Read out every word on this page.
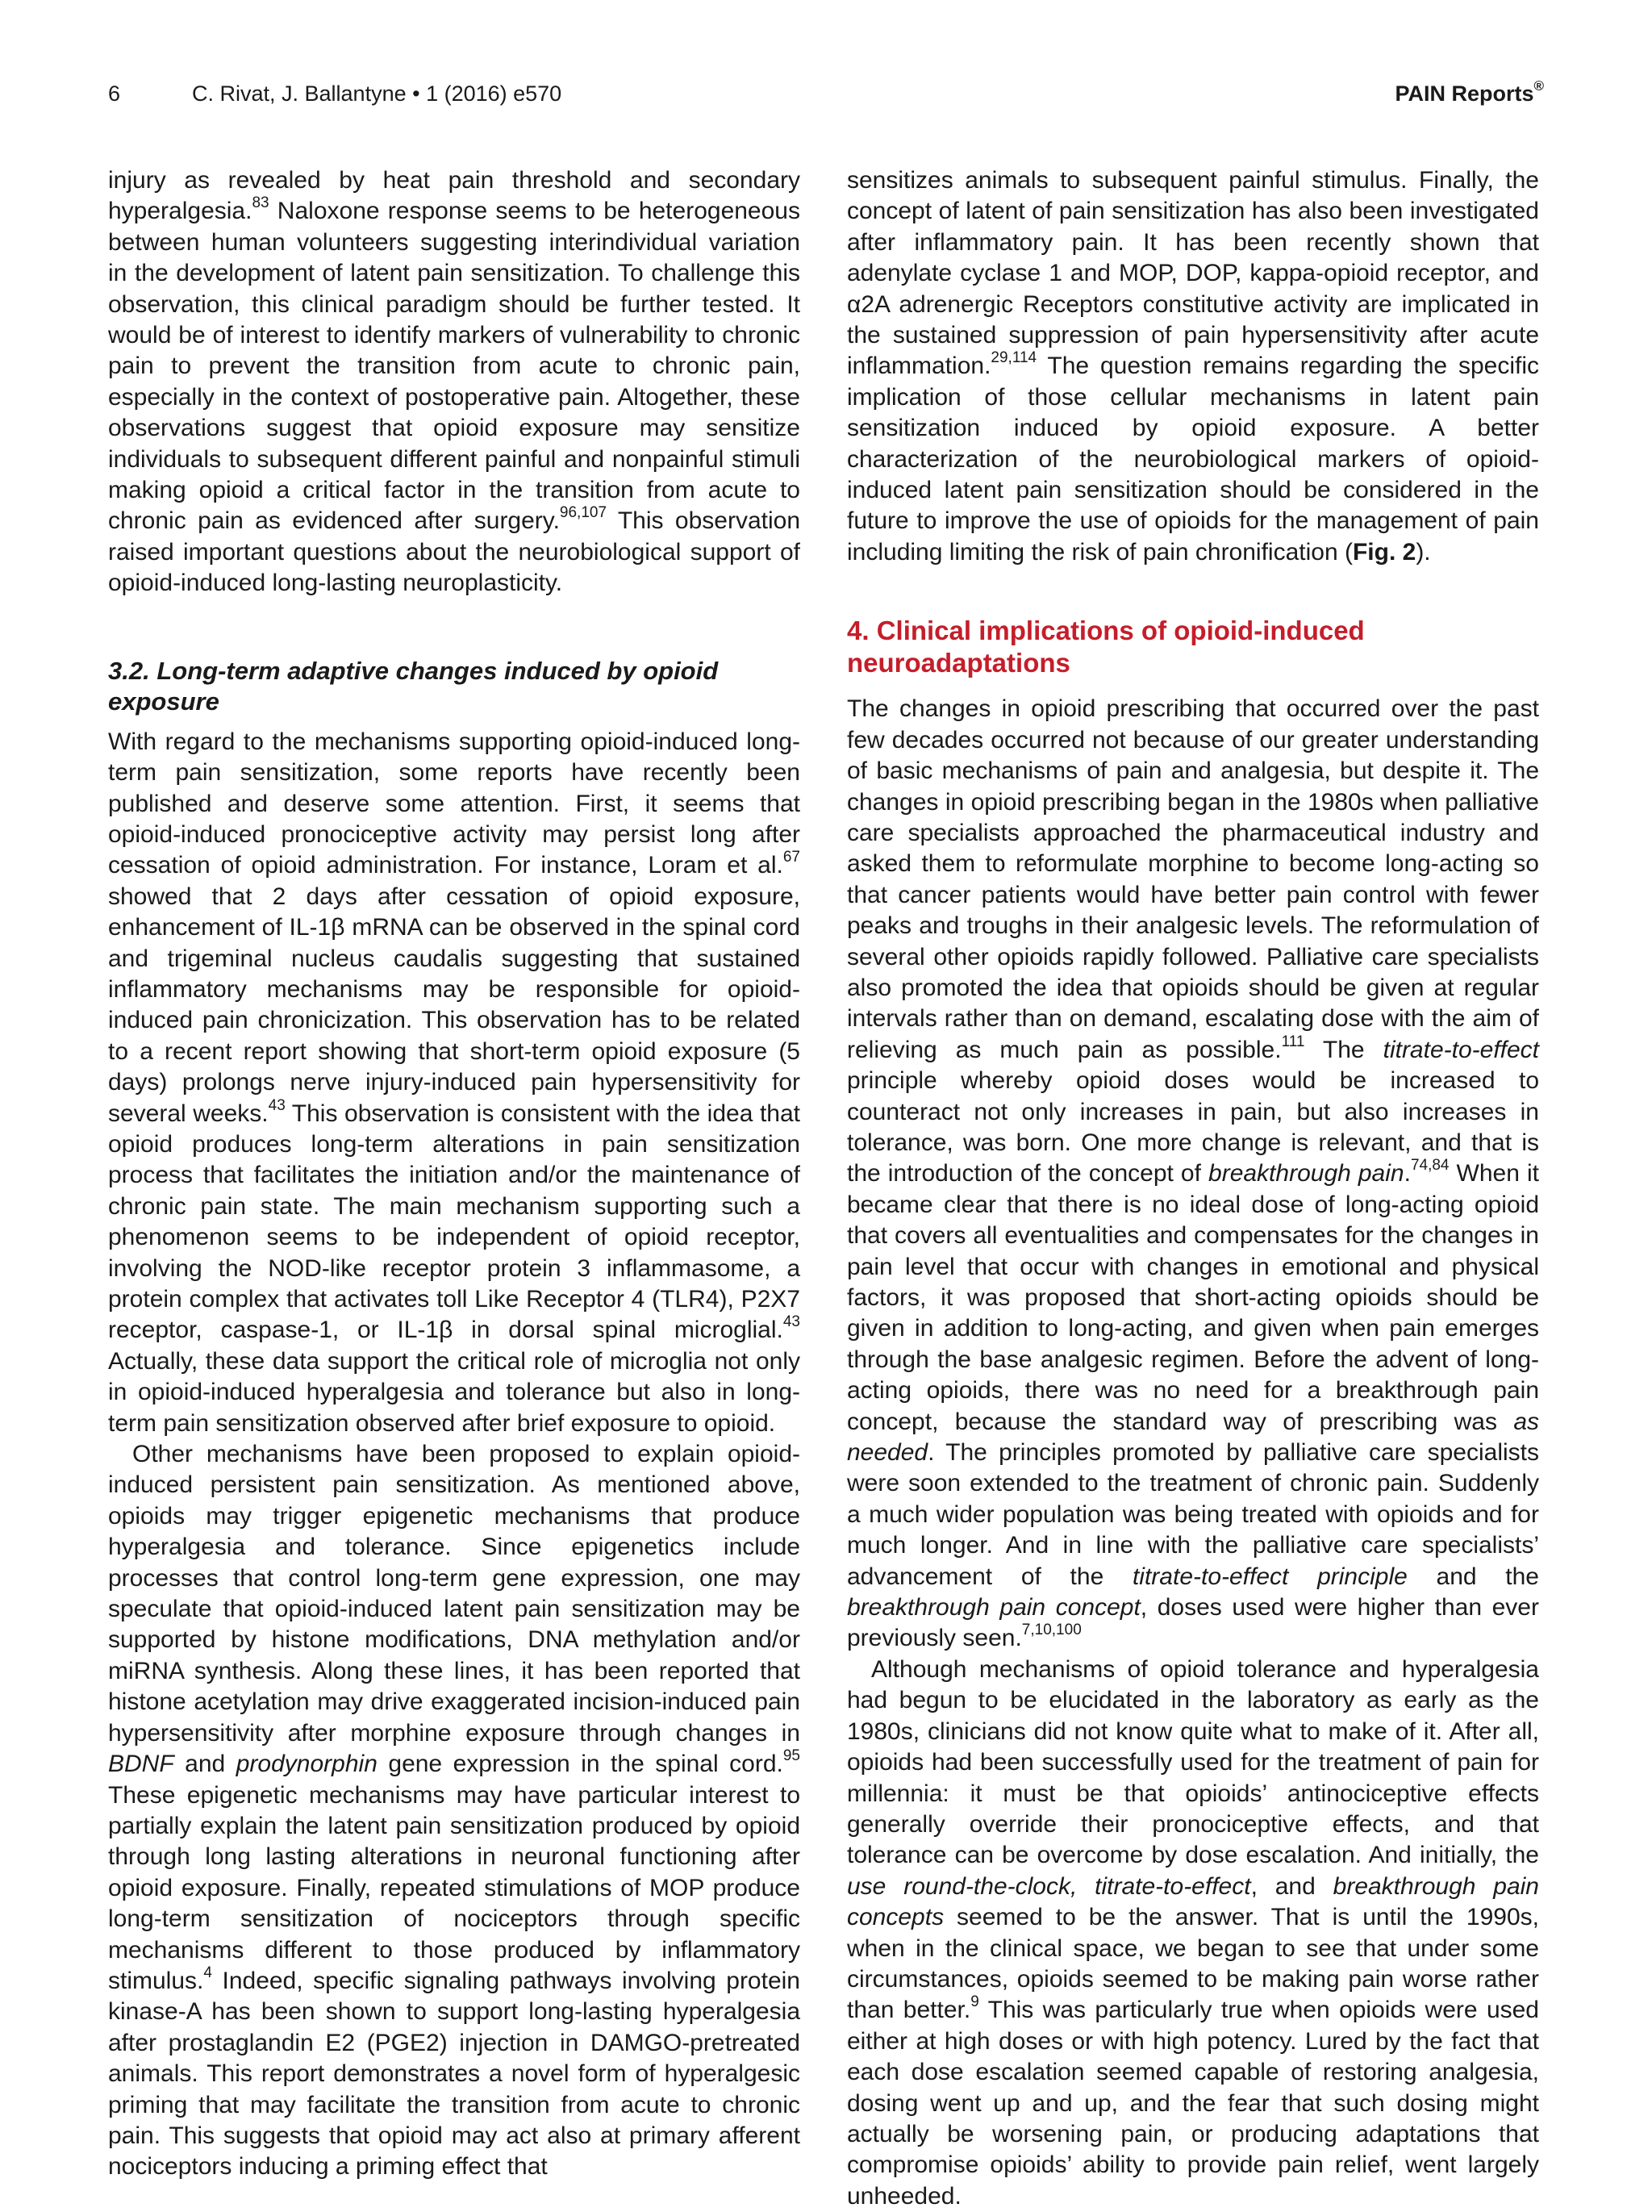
6	C. Rivat, J. Ballantyne • 1 (2016) e570	PAIN Reports®

injury as revealed by heat pain threshold and secondary hyperalgesia.$^{83}$ Naloxone response seems to be heterogeneous between human volunteers suggesting interindividual variation in the development of latent pain sensitization. To challenge this observation, this clinical paradigm should be further tested. It would be of interest to identify markers of vulnerability to chronic pain to prevent the transition from acute to chronic pain, especially in the context of postoperative pain. Altogether, these observations suggest that opioid exposure may sensitize individuals to subsequent different painful and nonpainful stimuli making opioid a critical factor in the transition from acute to chronic pain as evidenced after surgery.$^{96,107}$ This observation raised important questions about the neurobiological support of opioid-induced long-lasting neuroplasticity.

3.2. Long-term adaptive changes induced by opioid exposure

With regard to the mechanisms supporting opioid-induced long-term pain sensitization, some reports have recently been published and deserve some attention. First, it seems that opioid-induced pronociceptive activity may persist long after cessation of opioid administration. For instance, Loram et al.$^{67}$ showed that 2 days after cessation of opioid exposure, enhancement of IL-1β mRNA can be observed in the spinal cord and trigeminal nucleus caudalis suggesting that sustained inflammatory mechanisms may be responsible for opioid-induced pain chronicization. This observation has to be related to a recent report showing that short-term opioid exposure (5 days) prolongs nerve injury-induced pain hypersensitivity for several weeks.$^{43}$ This observation is consistent with the idea that opioid produces long-term alterations in pain sensitization process that facilitates the initiation and/or the maintenance of chronic pain state. The main mechanism supporting such a phenomenon seems to be independent of opioid receptor, involving the NOD-like receptor protein 3 inflammasome, a protein complex that activates toll Like Receptor 4 (TLR4), P2X7 receptor, caspase-1, or IL-1β in dorsal spinal microglial.$^{43}$ Actually, these data support the critical role of microglia not only in opioid-induced hyperalgesia and tolerance but also in long-term pain sensitization observed after brief exposure to opioid.

Other mechanisms have been proposed to explain opioid-induced persistent pain sensitization. As mentioned above, opioids may trigger epigenetic mechanisms that produce hyperalgesia and tolerance. Since epigenetics include processes that control long-term gene expression, one may speculate that opioid-induced latent pain sensitization may be supported by histone modifications, DNA methylation and/or miRNA synthesis. Along these lines, it has been reported that histone acetylation may drive exaggerated incision-induced pain hypersensitivity after morphine exposure through changes in BDNF and prodynorphin gene expression in the spinal cord.$^{95}$ These epigenetic mechanisms may have particular interest to partially explain the latent pain sensitization produced by opioid through long lasting alterations in neuronal functioning after opioid exposure. Finally, repeated stimulations of MOP produce long-term sensitization of nociceptors through specific mechanisms different to those produced by inflammatory stimulus.$^4$ Indeed, specific signaling pathways involving protein kinase-A has been shown to support long-lasting hyperalgesia after prostaglandin E2 (PGE2) injection in DAMGO-pretreated animals. This report demonstrates a novel form of hyperalgesic priming that may facilitate the transition from acute to chronic pain. This suggests that opioid may act also at primary afferent nociceptors inducing a priming effect that

sensitizes animals to subsequent painful stimulus. Finally, the concept of latent of pain sensitization has also been investigated after inflammatory pain. It has been recently shown that adenylate cyclase 1 and MOP, DOP, kappa-opioid receptor, and α2A adrenergic Receptors constitutive activity are implicated in the sustained suppression of pain hypersensitivity after acute inflammation.$^{29,114}$ The question remains regarding the specific implication of those cellular mechanisms in latent pain sensitization induced by opioid exposure. A better characterization of the neurobiological markers of opioid-induced latent pain sensitization should be considered in the future to improve the use of opioids for the management of pain including limiting the risk of pain chronification (Fig. 2).

4. Clinical implications of opioid-induced neuroadaptations

The changes in opioid prescribing that occurred over the past few decades occurred not because of our greater understanding of basic mechanisms of pain and analgesia, but despite it. The changes in opioid prescribing began in the 1980s when palliative care specialists approached the pharmaceutical industry and asked them to reformulate morphine to become long-acting so that cancer patients would have better pain control with fewer peaks and troughs in their analgesic levels. The reformulation of several other opioids rapidly followed. Palliative care specialists also promoted the idea that opioids should be given at regular intervals rather than on demand, escalating dose with the aim of relieving as much pain as possible.$^{111}$ The titrate-to-effect principle whereby opioid doses would be increased to counteract not only increases in pain, but also increases in tolerance, was born. One more change is relevant, and that is the introduction of the concept of breakthrough pain.$^{74,84}$ When it became clear that there is no ideal dose of long-acting opioid that covers all eventualities and compensates for the changes in pain level that occur with changes in emotional and physical factors, it was proposed that short-acting opioids should be given in addition to long-acting, and given when pain emerges through the base analgesic regimen. Before the advent of long-acting opioids, there was no need for a breakthrough pain concept, because the standard way of prescribing was as needed. The principles promoted by palliative care specialists were soon extended to the treatment of chronic pain. Suddenly a much wider population was being treated with opioids and for much longer. And in line with the palliative care specialists’ advancement of the titrate-to-effect principle and the breakthrough pain concept, doses used were higher than ever previously seen.$^{7,10,100}$

Although mechanisms of opioid tolerance and hyperalgesia had begun to be elucidated in the laboratory as early as the 1980s, clinicians did not know quite what to make of it. After all, opioids had been successfully used for the treatment of pain for millennia: it must be that opioids’ antinociceptive effects generally override their pronociceptive effects, and that tolerance can be overcome by dose escalation. And initially, the use round-the-clock, titrate-to-effect, and breakthrough pain concepts seemed to be the answer. That is until the 1990s, when in the clinical space, we began to see that under some circumstances, opioids seemed to be making pain worse rather than better.$^9$ This was particularly true when opioids were used either at high doses or with high potency. Lured by the fact that each dose escalation seemed capable of restoring analgesia, dosing went up and up, and the fear that such dosing might actually be worsening pain, or producing adaptations that compromise opioids’ ability to provide pain relief, went largely unheeded.
